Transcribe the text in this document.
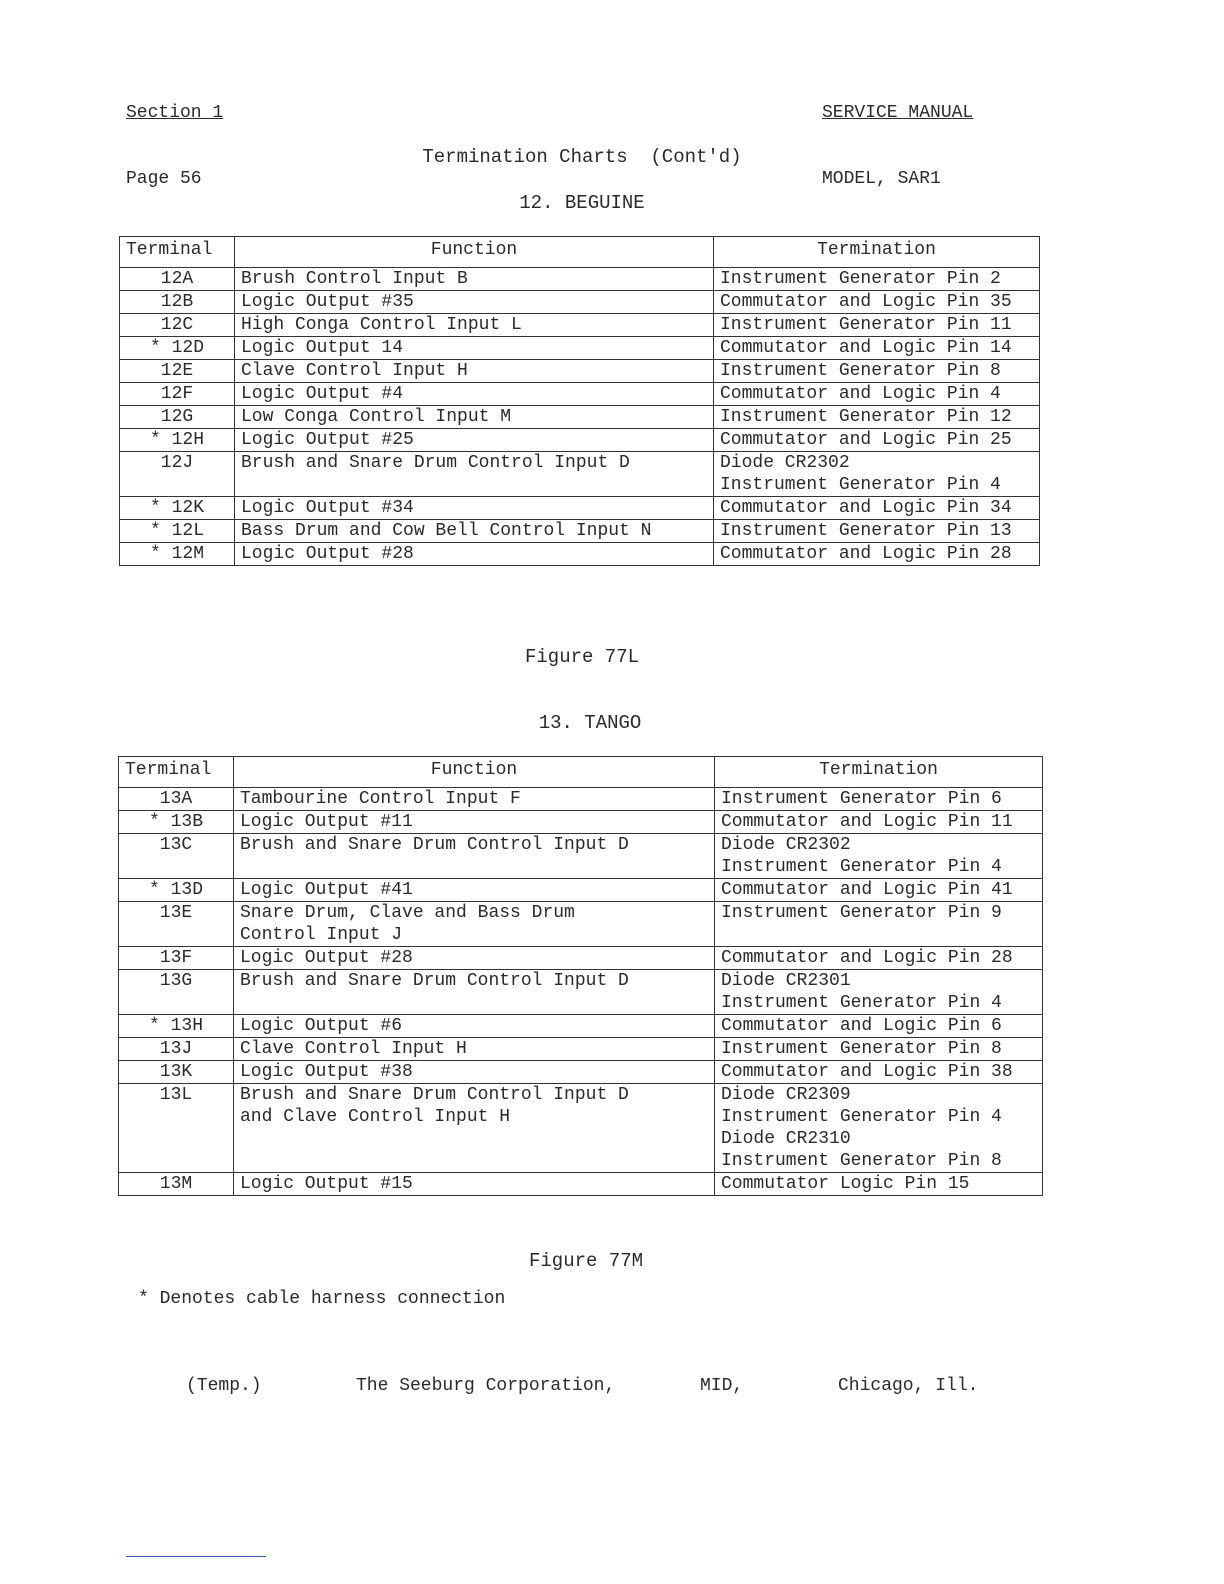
Section 1

Page 56

SERVICE MANUAL

MODEL, SAR1

Termination Charts  (Cont'd)
12. BEGUINE
Terminal	Function	Termination
12A	Brush Control Input B	Instrument Generator Pin 2

12B	Logic Output #35	Commutator and Logic Pin 35

12C	High Conga Control Input L	Instrument Generator Pin 11

* 12D	Logic Output 14	Commutator and Logic Pin 14

12E	Clave Control Input H	Instrument Generator Pin 8

12F	Logic Output #4	Commutator and Logic Pin 4

12G	Low Conga Control Input M	Instrument Generator Pin 12

* 12H	Logic Output #25	Commutator and Logic Pin 25

12J	Brush and Snare Drum Control Input D	Diode CR2302
Instrument Generator Pin 4

* 12K	Logic Output #34	Commutator and Logic Pin 34

* 12L	Bass Drum and Cow Bell Control Input N	Instrument Generator Pin 13

* 12M	Logic Output #28	Commutator and Logic Pin 28
Figure 77L
13. TANGO
Terminal	Function	Termination
13A	Tambourine Control Input F	Instrument Generator Pin 6

* 13B	Logic Output #11	Commutator and Logic Pin 11

13C	Brush and Snare Drum Control Input D	Diode CR2302
Instrument Generator Pin 4

* 13D	Logic Output #41	Commutator and Logic Pin 41

13E	Snare Drum, Clave and Bass Drum
Control Input J	Instrument Generator Pin 9

13F	Logic Output #28	Commutator and Logic Pin 28

13G	Brush and Snare Drum Control Input D	Diode CR2301
Instrument Generator Pin 4

* 13H	Logic Output #6	Commutator and Logic Pin 6

13J	Clave Control Input H	Instrument Generator Pin 8

13K	Logic Output #38	Commutator and Logic Pin 38

13L	Brush and Snare Drum Control Input D
and Clave Control Input H	Diode CR2309
Instrument Generator Pin 4
Diode CR2310
Instrument Generator Pin 8

13M	Logic Output #15	Commutator Logic Pin 15
Figure 77M
* Denotes cable harness connection
(Temp.)	The Seeburg Corporation,	MID,	Chicago, Ill.
